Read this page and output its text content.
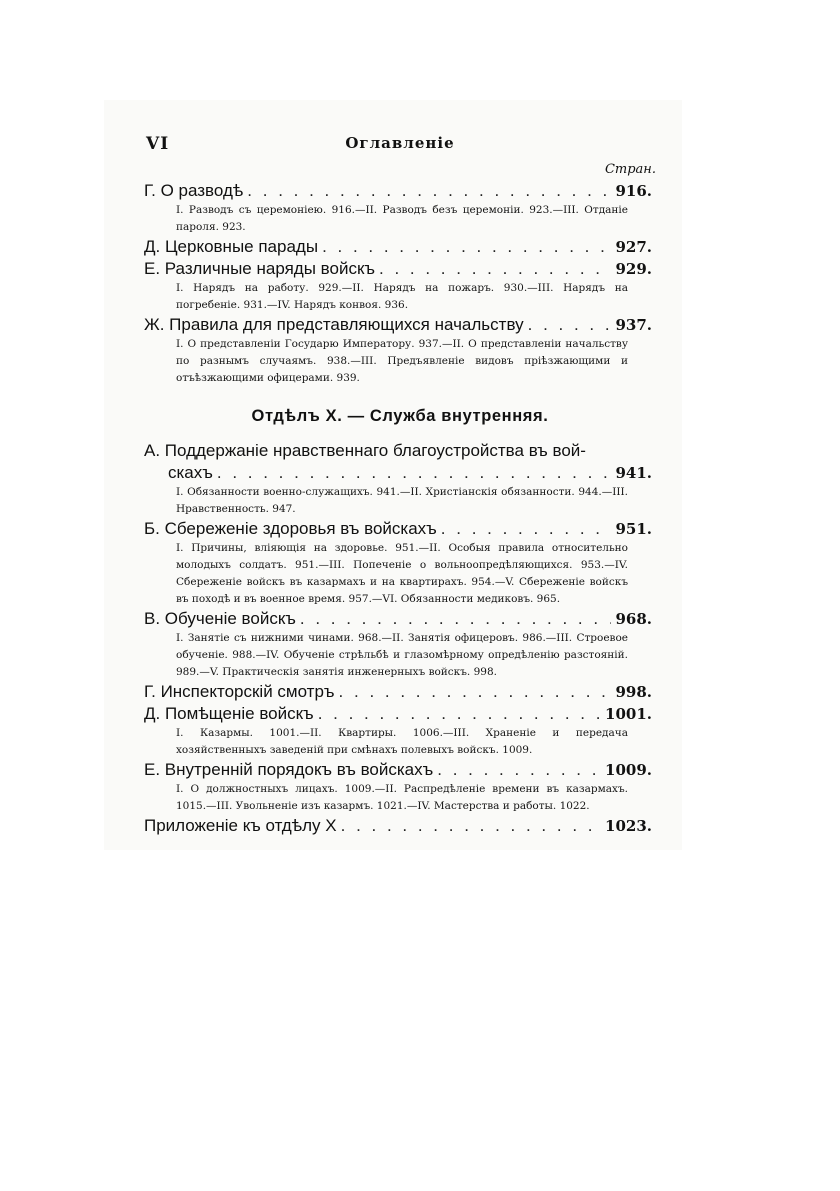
VI	Оглавленіе
Стран.
Г. О разводѣ . . .	916.
I. Разводъ съ церемоніею. 916.—II. Разводъ безъ церемоніи. 923.—III. Отданіе пароля. 923.
Д. Церковные парады . . .	927.
Е. Различные наряды войскъ . . .	929.
I. Нарядъ на работу. 929.—II. Нарядъ на пожаръ. 930.—III. Нарядъ на погребеніе. 931.—IV. Нарядъ конвоя. 936.
Ж. Правила для представляющихся начальству . . .	937.
I. О представленіи Государю Императору. 937.—II. О представленіи начальству по разнымъ случаямъ. 938.—III. Предъявленіе видовъ пріѣзжающими и отъѣзжающими офицерами. 939.
Отдѣлъ X. — Служба внутренняя.
А. Поддержаніе нравственнаго благоустройства въ вой-
скахъ . . .	941.
I. Обязанности военно-служащихъ. 941.—II. Христіанскія обязанности. 944.—III. Нравственность. 947.
Б. Сбереженіе здоровья въ войскахъ . . .	951.
I. Причины, вліяющія на здоровье. 951.—II. Особыя правила относительно молодыхъ солдатъ. 951.—III. Попеченіе о вольноопредѣляющихся. 953.—IV. Сбереженіе войскъ въ казармахъ и на квартирахъ. 954.—V. Сбереженіе войскъ въ походѣ и въ военное время. 957.—VI. Обязанности медиковъ. 965.
В. Обученіе войскъ . . .	968.
I. Занятіе съ нижними чинами. 968.—II. Занятія офицеровъ. 986.—III. Строевое обученіе. 988.—IV. Обученіе стрѣльбѣ и глазомѣрному опредѣленію разстояній. 989.—V. Практическія занятія инженерныхъ войскъ. 998.
Г. Инспекторскій смотръ . . .	998.
Д. Помѣщеніе войскъ . . .	1001.
I. Казармы. 1001.—II. Квартиры. 1006.—III. Храненіе и передача хозяйственныхъ заведеній при смѣнахъ полевыхъ войскъ. 1009.
Е. Внутренній порядокъ въ войскахъ . . .	1009.
I. О должностныхъ лицахъ. 1009.—II. Распредѣленіе времени въ казармахъ. 1015.—III. Увольненіе изъ казармъ. 1021.—IV. Мастерства и работы. 1022.
Приложеніе къ отдѣлу X . . .	1023.
